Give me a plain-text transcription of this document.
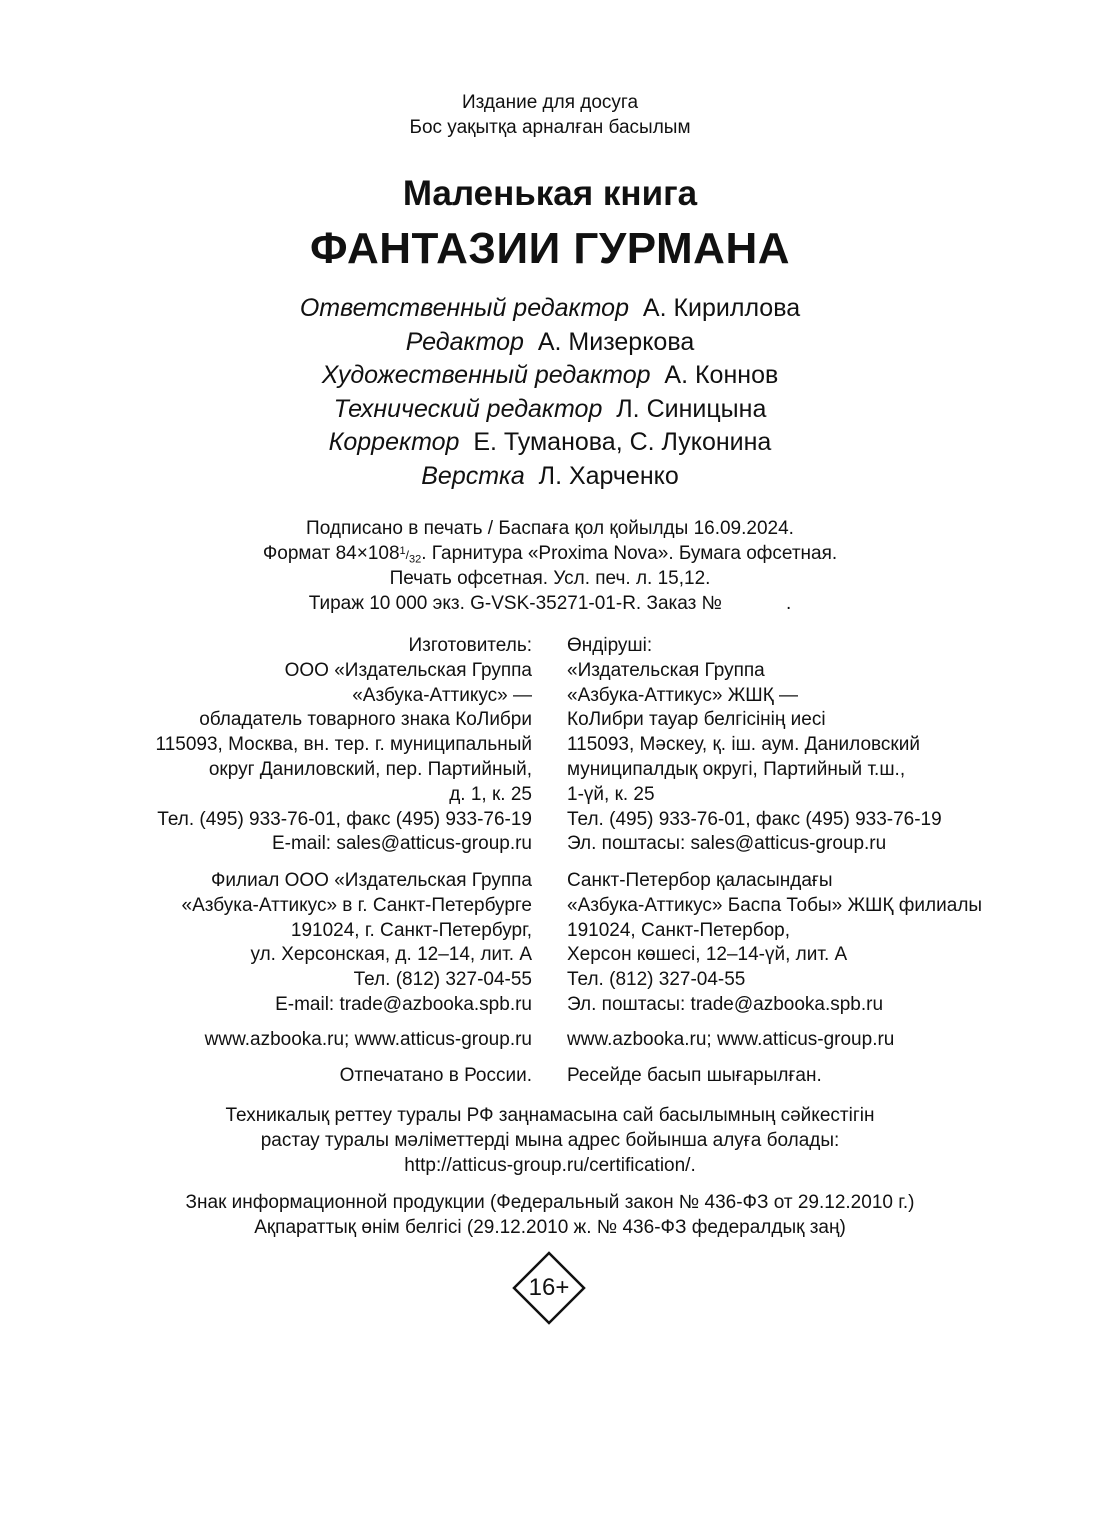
Издание для досуга
Бос уақытқа арналған басылым
Маленькая книга
ФАНТАЗИИ ГУРМАНА
Ответственный редактор А. Кириллова
Редактор А. Мизеркова
Художественный редактор А. Коннов
Технический редактор Л. Синицына
Корректор Е. Туманова, С. Луконина
Верстка Л. Харченко
Подписано в печать / Баспаға қол қойылды 16.09.2024.
Формат $84\times 108^1/_{32}$. Гарнитура «Proxima Nova». Бумага офсетная.
Печать офсетная. Усл. печ. л. 15,12.
Тираж 10 000 экз. G-VSK-35271-01-R. Заказ №	.
Изготовитель:
ООО «Издательская Группа
«Азбука-Аттикус» —
обладатель товарного знака КоЛибри
115093, Москва, вн. тер. г. муниципальный
округ Даниловский, пер. Партийный,
д. 1, к. 25
Тел. (495) 933-76-01, факс (495) 933-76-19
E-mail: sales@atticus-group.ru
Өндіруші:
«Издательская Группа
«Азбука-Аттикус» ЖШҚ —
КоЛибри тауар белгісінің иесі
115093, Мәскеу, қ. іш. аум. Даниловский
муниципалдық округі, Партийный т.ш.,
1-үй, к. 25
Тел. (495) 933-76-01, факс (495) 933-76-19
Эл. поштасы: sales@atticus-group.ru
Филиал ООО «Издательская Группа
«Азбука-Аттикус» в г. Санкт-Петербурге
191024, г. Санкт-Петербург,
ул. Херсонская, д. 12–14, лит. А
Тел. (812) 327-04-55
E-mail: trade@azbooka.spb.ru
Санкт-Петербор қаласындағы
«Азбука-Аттикус» Баспа Тобы» ЖШҚ филиалы
191024, Санкт-Петербор,
Херсон көшесі, 12–14-үй, лит. А
Тел. (812) 327-04-55
Эл. поштасы: trade@azbooka.spb.ru
www.azbooka.ru; www.atticus-group.ru www.azbooka.ru; www.atticus-group.ru
Отпечатано в России. Ресейде басып шығарылған.
Техникалық реттеу туралы РФ заңнамасына сай басылымның сәйкестігін
растау туралы мәліметтерді мына адрес бойынша алуға болады:
http://atticus-group.ru/certification/.
Знак информационной продукции (Федеральный закон № 436-ФЗ от 29.12.2010 г.)
Ақпараттық өнім белгісі (29.12.2010 ж. № 436-ФЗ федералдық заң)
16+
